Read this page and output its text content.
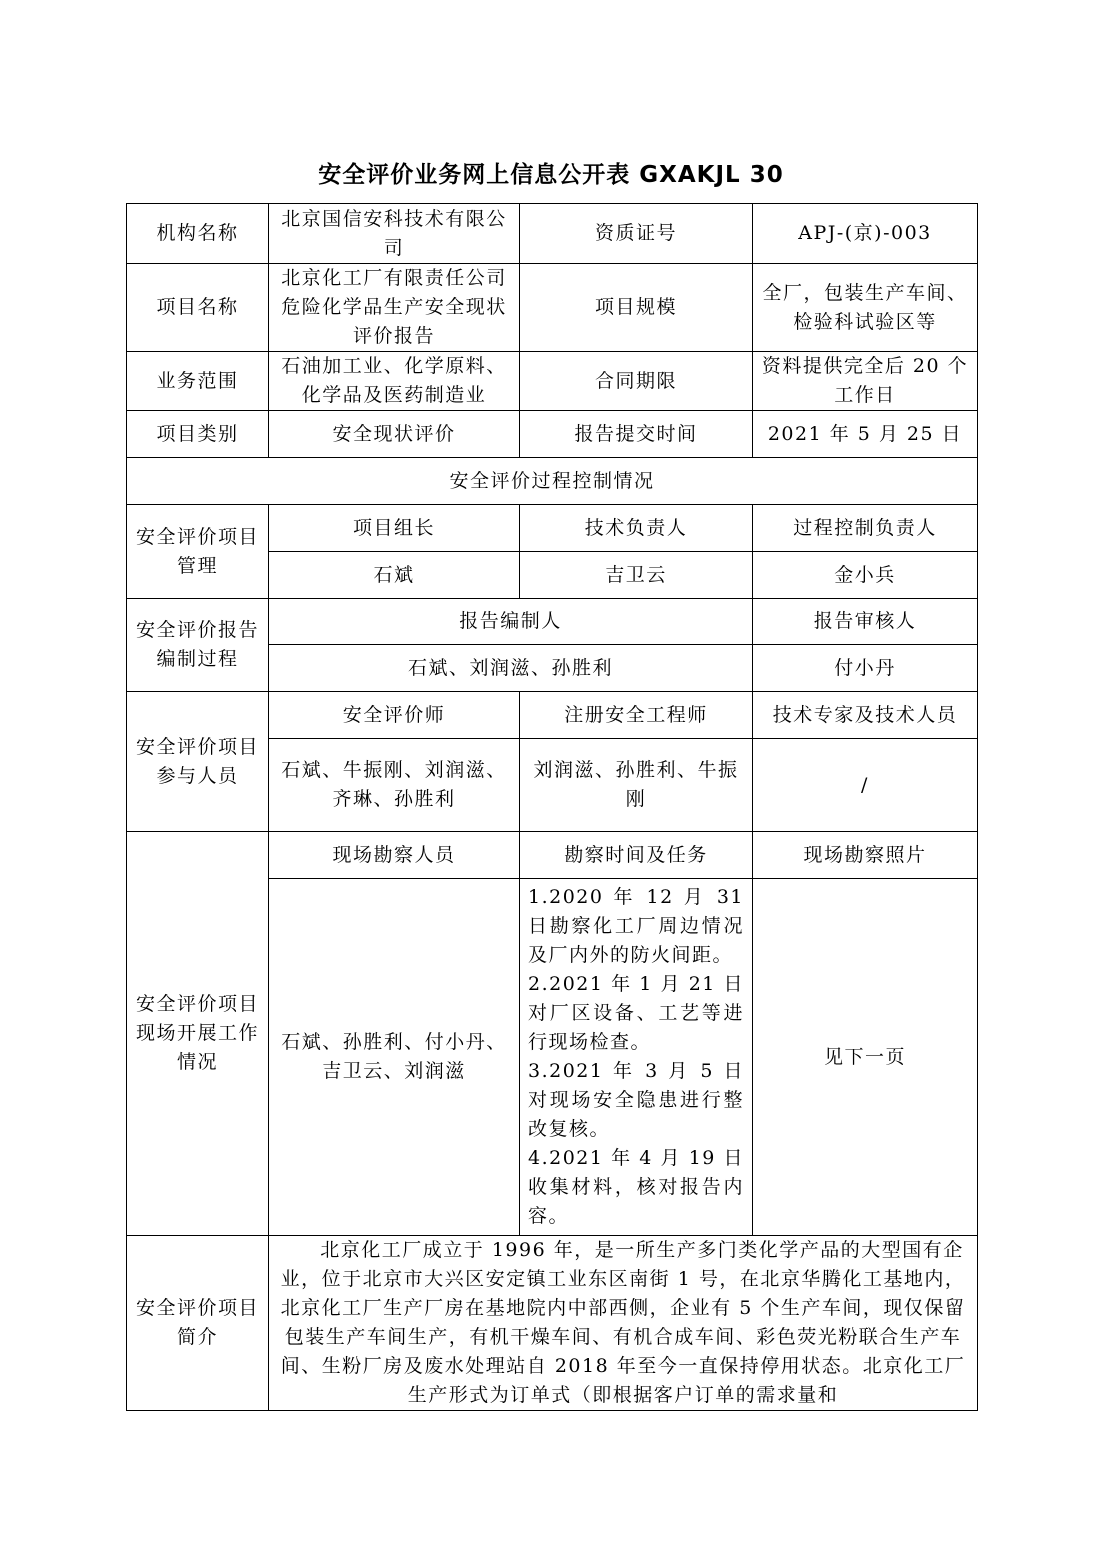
安全评价业务网上信息公开表 GXAKJL 30
机构名称	北京国信安科技术有限公司	资质证号	APJ-(京)-003
项目名称	北京化工厂有限责任公司危险化学品生产安全现状评价报告	项目规模	全厂，包装生产车间、检验科试验区等
业务范围	石油加工业、化学原料、化学品及医药制造业	合同期限	资料提供完全后 20 个工作日
项目类别	安全现状评价	报告提交时间	2021 年 5 月 25 日
安全评价过程控制情况			
安全评价项目管理	项目组长	技术负责人	过程控制负责人
	石斌	吉卫云	金小兵
安全评价报告编制过程	报告编制人		报告审核人
	石斌、刘润滋、孙胜利		付小丹
安全评价项目参与人员	安全评价师	注册安全工程师	技术专家及技术人员
	石斌、牛振刚、刘润滋、齐琳、孙胜利	刘润滋、孙胜利、牛振刚	/
安全评价项目现场开展工作情况	现场勘察人员	勘察时间及任务	现场勘察照片
	石斌、孙胜利、付小丹、吉卫云、刘润滋	1.2020 年 12 月 31 日勘察化工厂周边情况及厂内外的防火间距。
2.2021 年 1 月 21 日对厂区设备、工艺等进行现场检查。
3.2021 年 3 月 5 日对现场安全隐患进行整改复核。
4.2021 年 4 月 19 日收集材料，核对报告内容。	见下一页
安全评价项目简介	北京化工厂成立于 1996 年，是一所生产多门类化学产品的大型国有企业，位于北京市大兴区安定镇工业东区南街 1 号，在北京华腾化工基地内，北京化工厂生产厂房在基地院内中部西侧，企业有 5 个生产车间，现仅保留包装生产车间生产，有机干燥车间、有机合成车间、彩色荧光粉联合生产车间、生粉厂房及废水处理站自 2018 年至今一直保持停用状态。北京化工厂生产形式为订单式（即根据客户订单的需求量和		
